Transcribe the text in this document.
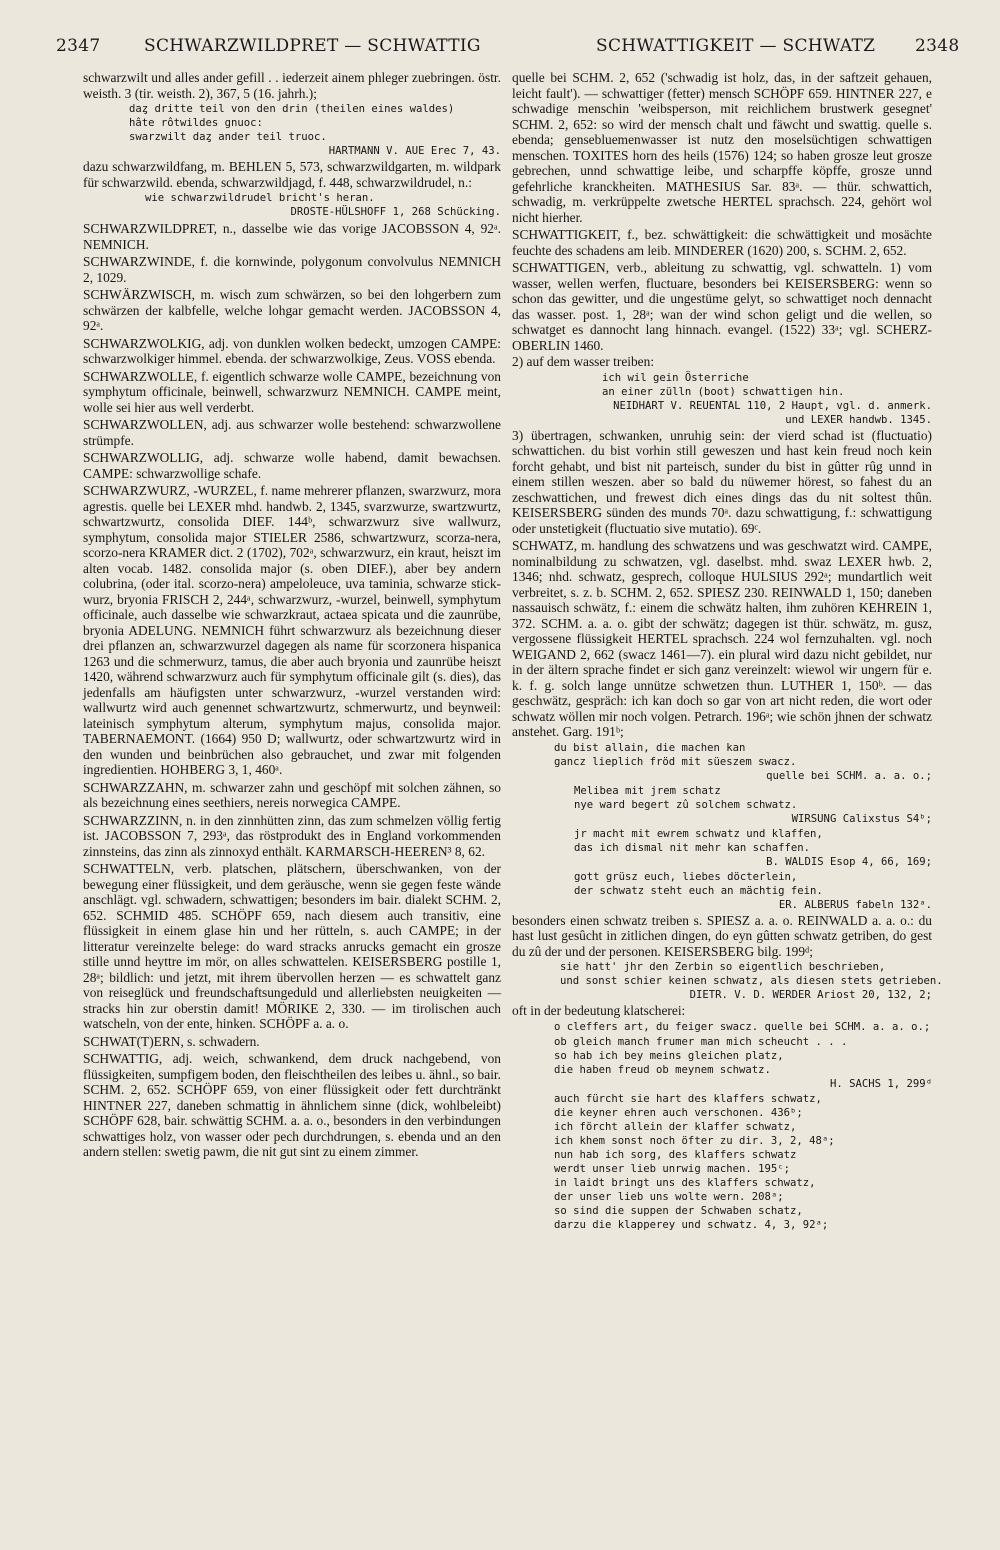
2347	SCHWARZWILDPRET — SCHWATTIG	SCHWATTIGKEIT — SCHWATZ 2348

schwarzwilt und alles ander gefill . . iederzeit ainem phleger zuebringen. östr. weisth. 3 (tir. weisth. 2), 367, 5 (16. jahrh.);

daȥ dritte teil von den drin (theilen eines waldes)
hâte rôtwildes gnuoc:
swarzwilt daȥ ander teil truoc.
HARTMANN V. AUE Erec 7, 43.

dazu schwarzwildfang, m. BEHLEN 5, 573, schwarzwildgarten, m. wildpark für schwarzwild. ebenda, schwarzwildjagd, f. 448, schwarzwildrudel, n.:

wie schwarzwildrudel bricht's heran.
DROSTE-HÜLSHOFF 1, 268 Schücking.

SCHWARZWILDPRET, n., dasselbe wie das vorige JACOBSSON 4, 92ᵃ. NEMNICH.

SCHWARZWINDE, f. die kornwinde, polygonum convolvulus NEMNICH 2, 1029.

SCHWÄRZWISCH, m. wisch zum schwärzen, so bei den lohgerbern zum schwärzen der kalbfelle, welche lohgar gemacht werden. JACOBSSON 4, 92ᵃ.

SCHWARZWOLKIG, adj. von dunklen wolken bedeckt, umzogen CAMPE: schwarzwolkiger himmel. ebenda. der schwarzwolkige, Zeus. VOSS ebenda.

SCHWARZWOLLE, f. eigentlich schwarze wolle CAMPE, bezeichnung von symphytum officinale, beinwell, schwarzwurz NEMNICH. CAMPE meint, wolle sei hier aus well verderbt.

SCHWARZWOLLEN, adj. aus schwarzer wolle bestehend: schwarzwollene strümpfe.

SCHWARZWOLLIG, adj. schwarze wolle habend, damit bewachsen. CAMPE: schwarzwollige schafe.

SCHWARZWURZ, -WURZEL, f. name mehrerer pflanzen, swarzwurz, mora agrestis. quelle bei LEXER mhd. handwb. 2, 1345, svarzwurze, swartzwurtz, schwartzwurtz, consolida DIEF. 144ᵇ, schwarzwurz sive wallwurz, symphytum, consolida major STIELER 2586, schwartzwurz, scorza-nera, scorzo-nera KRAMER dict. 2 (1702), 702ᵃ, schwarzwurz, ein kraut, heiszt im alten vocab. 1482. consolida major (s. oben DIEF.), aber bey andern colubrina, (oder ital. scorzo-nera) ampeloleuce, uva taminia, schwarze stick-wurz, bryonia FRISCH 2, 244ᵃ, schwarzwurz, -wurzel, beinwell, symphytum officinale, auch dasselbe wie schwarzkraut, actaea spicata und die zaunrübe, bryonia ADELUNG. NEMNICH führt schwarzwurz als bezeichnung dieser drei pflanzen an, schwarzwurzel dagegen als name für scorzonera hispanica 1263 und die schmerwurz, tamus, die aber auch bryonia und zaunrübe heiszt 1420, während schwarzwurz auch für symphytum officinale gilt (s. dies), das jedenfalls am häufigsten unter schwarzwurz, -wurzel verstanden wird: wallwurtz wird auch genennet schwartzwurtz, schmerwurtz, und beynweil: lateinisch symphytum alterum, symphytum majus, consolida major. TABERNAEMONT. (1664) 950 D; wallwurtz, oder schwartzwurtz wird in den wunden und beinbrüchen also gebrauchet, und zwar mit folgenden ingredientien. HOHBERG 3, 1, 460ᵃ.

SCHWARZZAHN, m. schwarzer zahn und geschöpf mit solchen zähnen, so als bezeichnung eines seethiers, nereis norwegica CAMPE.

SCHWARZZINN, n. in den zinnhütten zinn, das zum schmelzen völlig fertig ist. JACOBSSON 7, 293ᵃ, das röstprodukt des in England vorkommenden zinnsteins, das zinn als zinnoxyd enthält. KARMARSCH-HEEREN³ 8, 62.

SCHWATTELN, verb. platschen, plätschern, überschwanken, von der bewegung einer flüssigkeit, und dem geräusche, wenn sie gegen feste wände anschlägt. vgl. schwadern, schwattigen; besonders im bair. dialekt SCHM. 2, 652. SCHMID 485. SCHÖPF 659, nach diesem auch transitiv, eine flüssigkeit in einem glase hin und her rütteln, s. auch CAMPE; in der litteratur vereinzelte belege: do ward stracks anrucks gemacht ein grosze stille unnd heyttre im mör, on alles schwattelen. KEISERSBERG postille 1, 28ᵃ; bildlich: und jetzt, mit ihrem übervollen herzen — es schwattelt ganz von reiseglück und freundschaftsungeduld und allerliebsten neuigkeiten — stracks hin zur oberstin damit! MÖRIKE 2, 330. — im tirolischen auch watscheln, von der ente, hinken. SCHÖPF a. a. o.

SCHWAT(T)ERN, s. schwadern.

SCHWATTIG, adj. weich, schwankend, dem druck nachgebend, von flüssigkeiten, sumpfigem boden, den fleischtheilen des leibes u. ähnl., so bair. SCHM. 2, 652. SCHÖPF 659, von einer flüssigkeit oder fett durchtränkt HINTNER 227, daneben schmattig in ähnlichem sinne (dick, wohlbeleibt) SCHÖPF 628, bair. schwättig SCHM. a. a. o., besonders in den verbindungen schwattiges holz, von wasser oder pech durchdrungen, s. ebenda und an den andern stellen: swetig pawm, die nit gut sint zu einem zimmer.

quelle bei SCHM. 2, 652 ('schwadig ist holz, das, in der saftzeit gehauen, leicht fault'). — schwattiger (fetter) mensch SCHÖPF 659. HINTNER 227, e schwadige menschin 'weibsperson, mit reichlichem brustwerk gesegnet' SCHM. 2, 652: so wird der mensch chalt und fäwcht und swattig. quelle s. ebenda; gensebluemenwasser ist nutz den moselsüchtigen schwattigen menschen. TOXITES horn des heils (1576) 124; so haben grosze leut grosze gebrechen, unnd schwattige leibe, und scharpffe köpffe, grosze unnd gefehrliche kranckheiten. MATHESIUS Sar. 83ᵃ. — thür. schwattich, schwadig, m. verkrüppelte zwetsche HERTEL sprachsch. 224, gehört wol nicht hierher.

SCHWATTIGKEIT, f., bez. schwättigkeit: die schwättigkeit und mosächte feuchte des schadens am leib. MINDERER (1620) 200, s. SCHM. 2, 652.

SCHWATTIGEN, verb., ableitung zu schwattig, vgl. schwatteln. 1) vom wasser, wellen werfen, fluctuare, besonders bei KEISERSBERG: wenn so schon das gewitter, und die ungestüme gelyt, so schwattiget noch dennacht das wasser. post. 1, 28ᵃ; wan der wind schon geligt und die wellen, so schwatget es dannocht lang hinnach. evangel. (1522) 33ᵃ; vgl. SCHERZ-OBERLIN 1460.

2) auf dem wasser treiben:

ich wil gein Österriche
an einer zülln (boot) schwattigen hin.
NEIDHART V. REUENTAL 110, 2 Haupt, vgl. d. anmerk. und LEXER handwb. 1345.

3) übertragen, schwanken, unruhig sein: der vierd schad ist (fluctuatio) schwattichen. du bist vorhin still geweszen und hast kein freud noch kein forcht gehabt, und bist nit parteisch, sunder du bist in gûtter rûg unnd in einem stillen weszen. aber so bald du nüwemer hörest, so fahest du an zeschwattichen, und frewest dich eines dings das du nit soltest thûn. KEISERSBERG sünden des munds 70ᵃ. dazu schwattigung, f.: schwattigung oder unstetigkeit (fluctuatio sive mutatio). 69ᶜ.

SCHWATZ, m. handlung des schwatzens und was geschwatzt wird. CAMPE, nominalbildung zu schwatzen, vgl. daselbst. mhd. swaz LEXER hwb. 2, 1346; nhd. schwatz, gesprech, colloque HULSIUS 292ᵃ; mundartlich weit verbreitet, s. z. b. SCHM. 2, 652. SPIESZ 230. REINWALD 1, 150; daneben nassauisch schwätz, f.: einem die schwätz halten, ihm zuhören KEHREIN 1, 372. SCHM. a. a. o. gibt der schwätz; dagegen ist thür. schwätz, m. gusz, vergossene flüssigkeit HERTEL sprachsch. 224 wol fernzuhalten. vgl. noch WEIGAND 2, 662 (swacz 1461—7). ein plural wird dazu nicht gebildet, nur in der ältern sprache findet er sich ganz vereinzelt: wiewol wir ungern für e. k. f. g. solch lange unnütze schwetzen thun. LUTHER 1, 150ᵇ. — das geschwätz, gespräch: ich kan doch so gar von art nicht reden, die wort oder schwatz wöllen mir noch volgen. Petrarch. 196ᵃ; wie schön jhnen der schwatz anstehet. Garg. 191ᵇ;

du bist allain, die machen kan
gancz lieplich fröd mit süeszem swacz.
quelle bei SCHM. a. a. o.;
Melibea mit jrem schatz
nye ward begert zû solchem schwatz.
WIRSUNG Calixstus S4ᵇ;
jr macht mit ewrem schwatz und klaffen,
das ich dismal nit mehr kan schaffen.
B. WALDIS Esop 4, 66, 169;
gott grüsz euch, liebes döcterlein,
der schwatz steht euch an mächtig fein.
ER. ALBERUS fabeln 132ᵃ.

besonders einen schwatz treiben s. SPIESZ a. a. o. REINWALD a. a. o.: du hast lust gesûcht in zitlichen dingen, do eyn gûtten schwatz getriben, do gest du zû der und der personen. KEISERSBERG bilg. 199ᵈ;

sie hatt' jhr den Zerbin so eigentlich beschrieben,
und sonst schier keinen schwatz, als diesen stets getrieben.
DIETR. V. D. WERDER Ariost 20, 132, 2;

oft in der bedeutung klatscherei:

o cleffers art, du feiger swacz. quelle bei SCHM. a. a. o.;
ob gleich manch frumer man mich scheucht . . .
so hab ich bey meins gleichen platz,
die haben freud ob meynem schwatz.
H. SACHS 1, 299ᵈ
auch fürcht sie hart des klaffers schwatz,
die keyner ehren auch verschonen. 436ᵇ;
ich förcht allein der klaffer schwatz,
ich khem sonst noch öfter zu dir. 3, 2, 48ᵃ;
nun hab ich sorg, des klaffers schwatz
werdt unser lieb unrwig machen. 195ᶜ;
in laidt bringt uns des klaffers schwatz,
der unser lieb uns wolte wern. 208ᵃ;
so sind die suppen der Schwaben schatz,
darzu die klapperey und schwatz. 4, 3, 92ᵃ;
